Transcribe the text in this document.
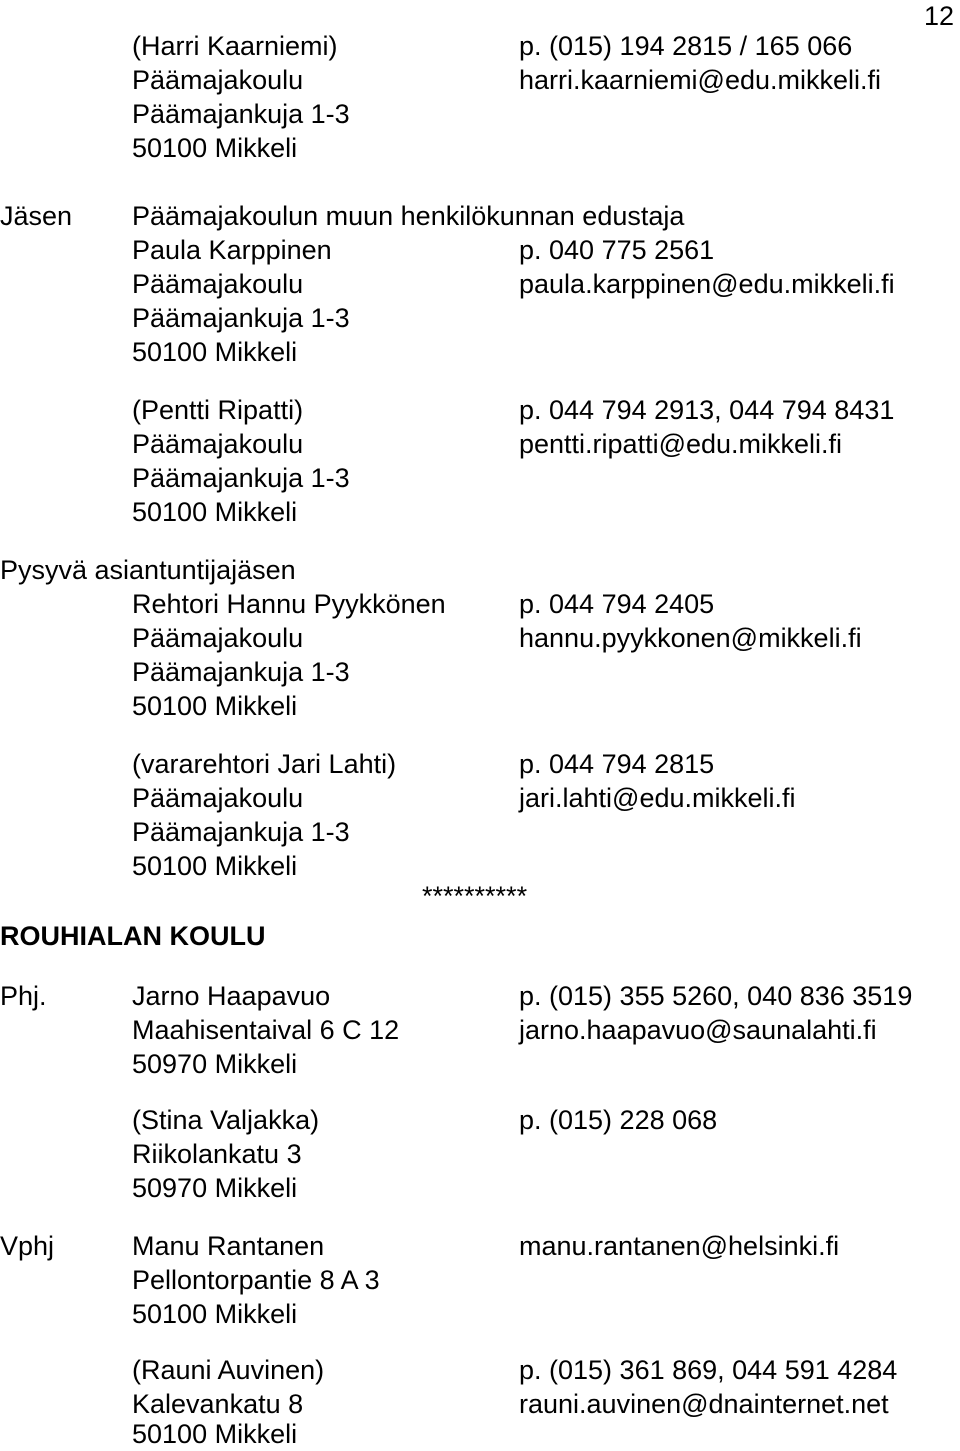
12

(Harri Kaarniemi)	p. (015) 194 2815 / 165 066

Päämajakoulu	harri.kaarniemi@edu.mikkeli.fi

Päämajankuja 1-3

50100 Mikkeli

Jäsen Päämajakoulun muun henkilökunnan edustaja

Paula Karppinen	p. 040 775 2561

Päämajakoulu	paula.karppinen@edu.mikkeli.fi

Päämajankuja 1-3

50100 Mikkeli

(Pentti Ripatti)	p. 044 794 2913, 044 794 8431

Päämajakoulu	pentti.ripatti@edu.mikkeli.fi

Päämajankuja 1-3

50100 Mikkeli

Pysyvä asiantuntijajäsen

Rehtori Hannu Pyykkönen	p. 044 794 2405

Päämajakoulu	hannu.pyykkonen@mikkeli.fi

Päämajankuja 1-3

50100 Mikkeli

(vararehtori Jari Lahti)	p. 044 794 2815

Päämajakoulu	jari.lahti@edu.mikkeli.fi

Päämajankuja 1-3

50100 Mikkeli

**********

ROUHIALAN KOULU

Phj.	Jarno Haapavuo	p. (015) 355 5260, 040 836 3519

Maahisentaival 6 C 12	jarno.haapavuo@saunalahti.fi

50970 Mikkeli

(Stina Valjakka)	p. (015) 228 068

Riikolankatu 3

50970 Mikkeli

Vphj	Manu Rantanen	manu.rantanen@helsinki.fi

Pellontorpantie 8 A 3

50100 Mikkeli

(Rauni Auvinen)	p. (015) 361 869, 044 591 4284

Kalevankatu 8	rauni.auvinen@dnainternet.net

50100 Mikkeli
